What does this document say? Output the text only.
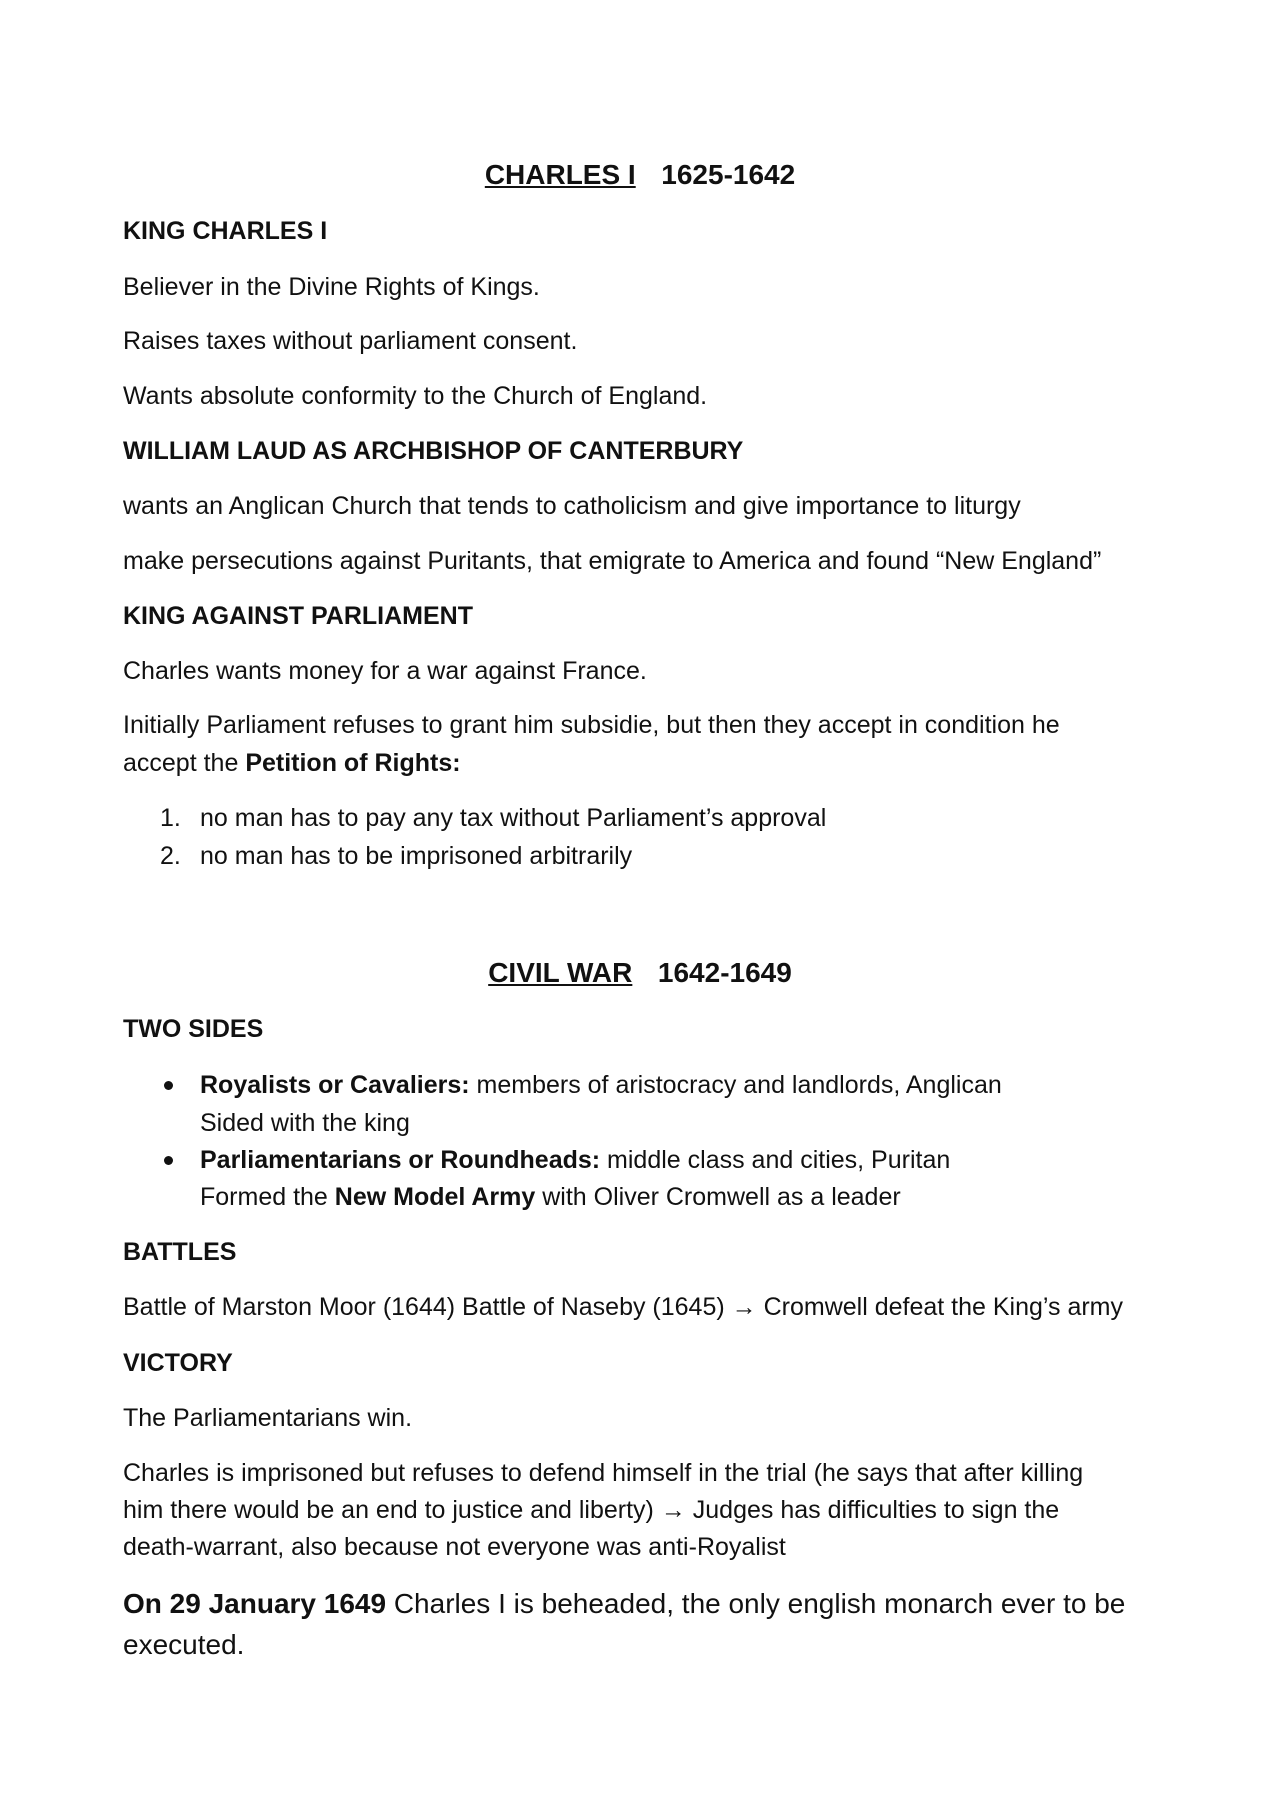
CHARLES I 1625-1642
KING CHARLES I
Believer in the Divine Rights of Kings.
Raises taxes without parliament consent.
Wants absolute conformity to the Church of England.
WILLIAM LAUD AS ARCHBISHOP OF CANTERBURY
wants an Anglican Church that tends to catholicism and give importance to liturgy
make persecutions against Puritants, that emigrate to America and found “New England”
KING AGAINST PARLIAMENT
Charles wants money for a war against France.
Initially Parliament refuses to grant him subsidie, but then they accept in condition he
accept the Petition of Rights:
1. no man has to pay any tax without Parliament’s approval
2. no man has to be imprisoned arbitrarily
CIVIL WAR 1642-1649
TWO SIDES
Royalists or Cavaliers: members of aristocracy and landlords, Anglican
Sided with the king
Parliamentarians or Roundheads: middle class and cities, Puritan
Formed the New Model Army with Oliver Cromwell as a leader
BATTLES
Battle of Marston Moor (1644) Battle of Naseby (1645) → Cromwell defeat the King’s army
VICTORY
The Parliamentarians win.
Charles is imprisoned but refuses to defend himself in the trial (he says that after killing
him there would be an end to justice and liberty) → Judges has difficulties to sign the
death-warrant, also because not everyone was anti-Royalist
On 29 January 1649 Charles I is beheaded, the only english monarch ever to be
executed.
